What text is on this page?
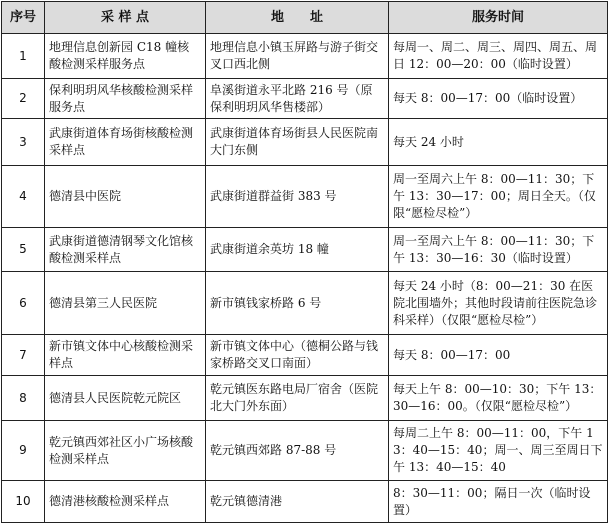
序号	采 样 点	地　　址	服务时间
1	地理信息创新园 C18 幢核酸检测采样服务点	地理信息小镇玉屏路与游子街交叉口西北侧	每周一、周二、周三、周四、周五、周日 12：00—20：00（临时设置）
2	保利明玥风华核酸检测采样服务点	阜溪街道永平北路 216 号（原保利明玥风华售楼部）	每天 8：00—17：00（临时设置）
3	武康街道体育场街核酸检测采样点	武康街道体育场街县人民医院南大门东侧	每天 24 小时
4	德清县中医院	武康街道群益街 383 号	周一至周六上午 8：00—11：30；下午 13：30—17：00；周日全天。（仅限“愿检尽检”）
5	武康街道德清钢琴文化馆核酸检测采样点	武康街道余英坊 18 幢	周一至周六上午 8：00—11：30；下午 13：30—16：30（临时设置）
6	德清县第三人民医院	新市镇钱家桥路 6 号	每天 24 小时（8：00—21：30 在医院北围墙外；其他时段请前往医院急诊科采样）（仅限“愿检尽检”）
7	新市镇文体中心核酸检测采样点	新市镇文体中心（德桐公路与钱家桥路交叉口南面）	每天 8：00—17：00
8	德清县人民医院乾元院区	乾元镇医东路电局厂宿舍（医院北大门外东面）	每天上午 8：00—10：30；下午 13：30—16：00。（仅限“愿检尽检”）
9	乾元镇西郊社区小广场核酸检测采样点	乾元镇西郊路 87-88 号	每周二上午 8：00—11：00，下午 13：40—15：40；周一、周三至周日下午 13：40—15：40
10	德清港核酸检测采样点	乾元镇德清港	8：30—11：00；隔日一次（临时设置）
